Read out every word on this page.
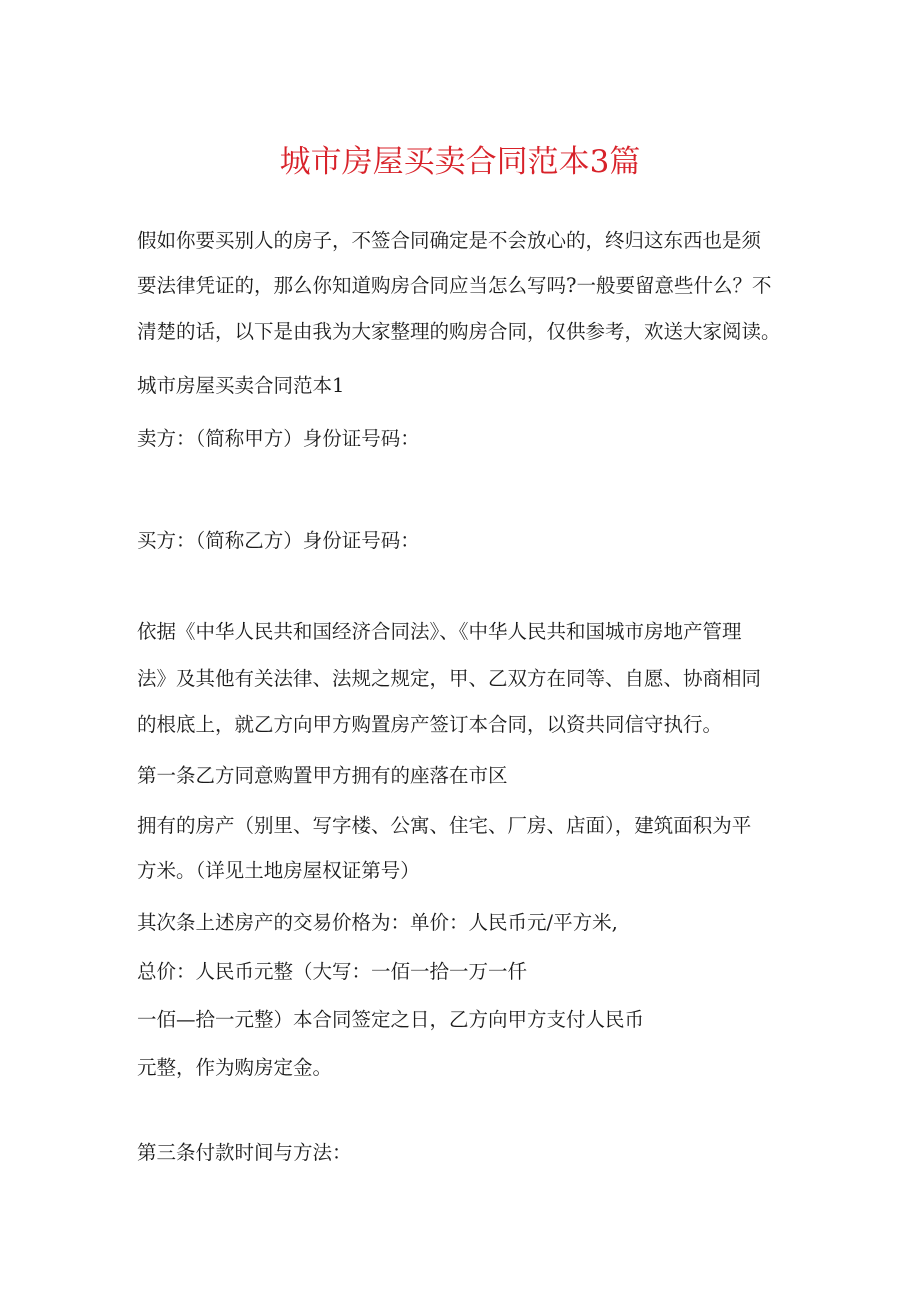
城市房屋买卖合同范本3篇
假如你要买别人的房子，不签合同确定是不会放心的，终归这东西也是须
要法律凭证的，那么你知道购房合同应当怎么写吗?一般要留意些什么？不
清楚的话，以下是由我为大家整理的购房合同，仅供参考，欢送大家阅读。
城市房屋买卖合同范本1
卖方：（简称甲方）身份证号码：
买方：（简称乙方）身份证号码：
依据《中华人民共和国经济合同法》、《中华人民共和国城市房地产管理
法》及其他有关法律、法规之规定，甲、乙双方在同等、自愿、协商相同
的根底上，就乙方向甲方购置房产签订本合同，以资共同信守执行。
第一条乙方同意购置甲方拥有的座落在市区
拥有的房产（别里、写字楼、公寓、住宅、厂房、店面），建筑面积为平
方米。（详见土地房屋权证第号）
其次条上述房产的交易价格为：单价：人民币元/平方米,
总价：人民币元整（大写：一佰一拾一万一仟
一佰—拾一元整）本合同签定之日，乙方向甲方支付人民币
元整，作为购房定金。
第三条付款时间与方法：
